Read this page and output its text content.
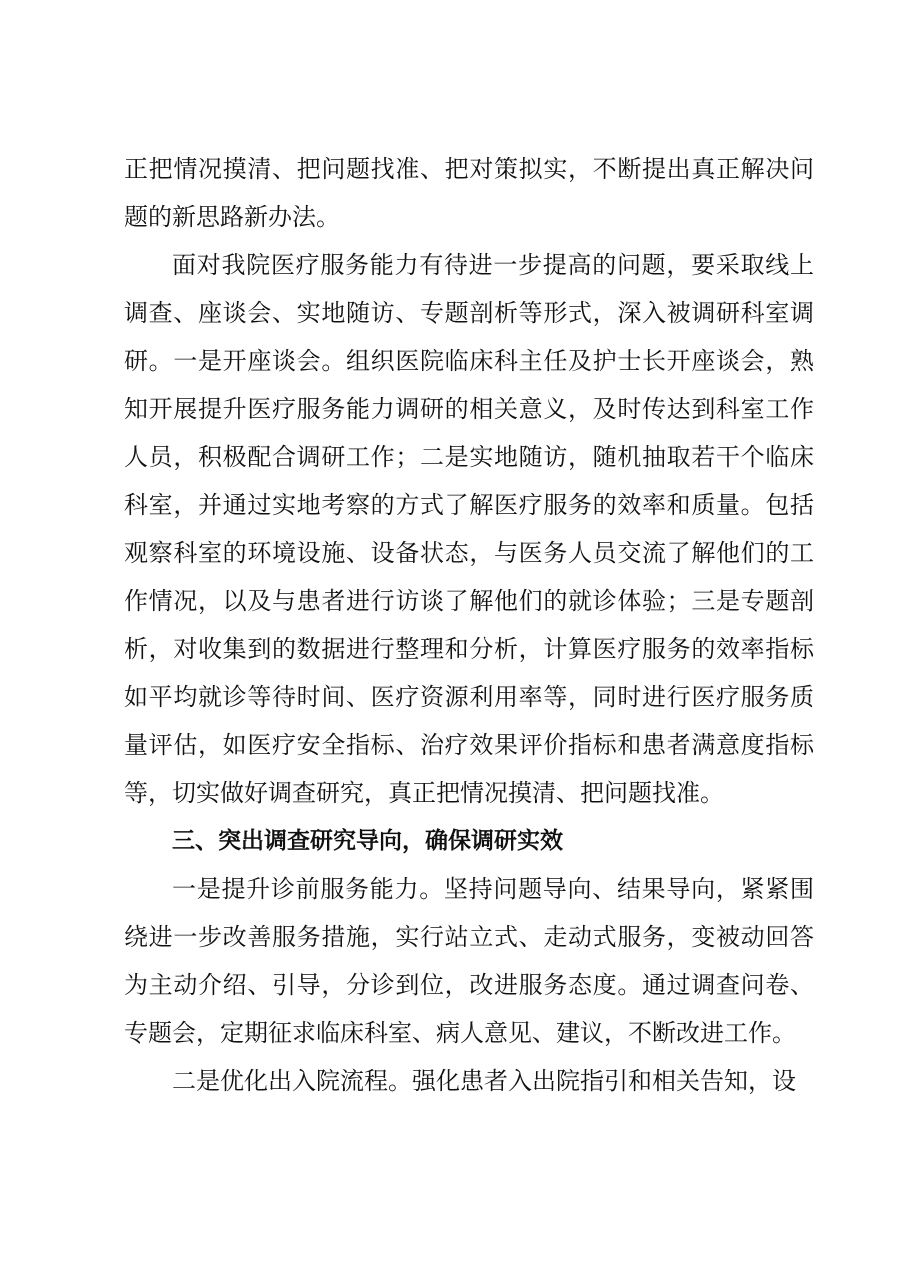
正把情况摸清、把问题找准、把对策拟实，不断提出真正解决问题的新思路新办法。

面对我院医疗服务能力有待进一步提高的问题，要采取线上调查、座谈会、实地随访、专题剖析等形式，深入被调研科室调研。一是开座谈会。组织医院临床科主任及护士长开座谈会，熟知开展提升医疗服务能力调研的相关意义，及时传达到科室工作人员，积极配合调研工作；二是实地随访，随机抽取若干个临床科室，并通过实地考察的方式了解医疗服务的效率和质量。包括观察科室的环境设施、设备状态，与医务人员交流了解他们的工作情况，以及与患者进行访谈了解他们的就诊体验；三是专题剖析，对收集到的数据进行整理和分析，计算医疗服务的效率指标如平均就诊等待时间、医疗资源利用率等，同时进行医疗服务质量评估，如医疗安全指标、治疗效果评价指标和患者满意度指标等，切实做好调查研究，真正把情况摸清、把问题找准。

三、突出调查研究导向，确保调研实效

一是提升诊前服务能力。坚持问题导向、结果导向，紧紧围绕进一步改善服务措施，实行站立式、走动式服务，变被动回答为主动介绍、引导，分诊到位，改进服务态度。通过调查问卷、专题会，定期征求临床科室、病人意见、建议，不断改进工作。

二是优化出入院流程。强化患者入出院指引和相关告知，设
